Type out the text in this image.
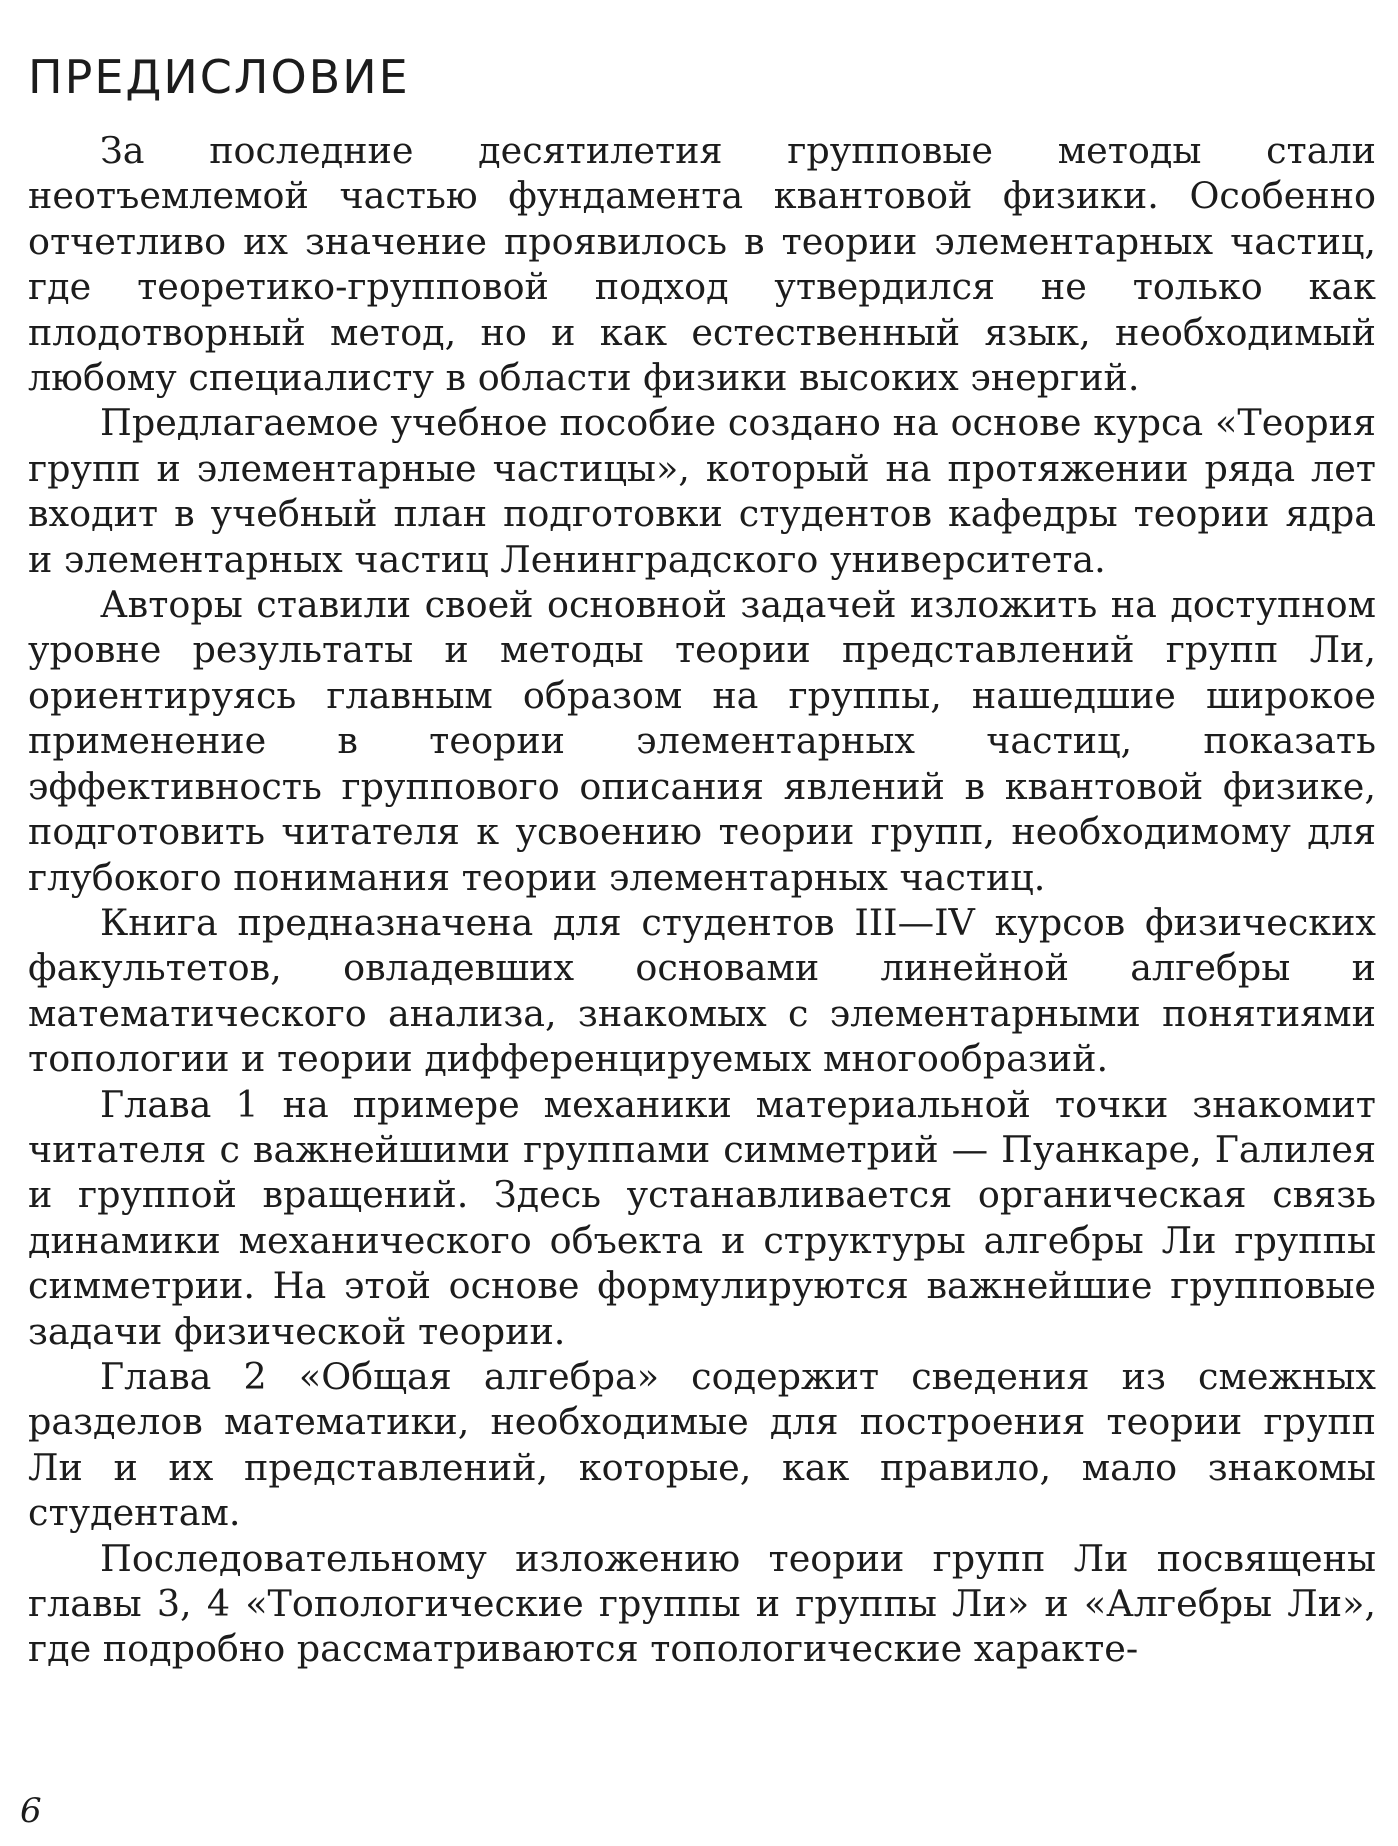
ПРЕДИСЛОВИЕ

За последние десятилетия групповые методы стали неотъемлемой частью фундамента квантовой физики. Особенно отчетливо их значение проявилось в теории элементарных частиц, где теоретико-групповой подход утвердился не только как плодотворный метод, но и как естественный язык, необходимый любому специалисту в области физики высоких энергий.

Предлагаемое учебное пособие создано на основе курса «Теория групп и элементарные частицы», который на протяжении ряда лет входит в учебный план подготовки студентов кафедры теории ядра и элементарных частиц Ленинградского университета.

Авторы ставили своей основной задачей изложить на доступном уровне результаты и методы теории представлений групп Ли, ориентируясь главным образом на группы, нашедшие широкое применение в теории элементарных частиц, показать эффективность группового описания явлений в квантовой физике, подготовить читателя к усвоению теории групп, необходимому для глубокого понимания теории элементарных частиц.

Книга предназначена для студентов III—IV курсов физических факультетов, овладевших основами линейной алгебры и математического анализа, знакомых с элементарными понятиями топологии и теории дифференцируемых многообразий.

Глава 1 на примере механики материальной точки знакомит читателя с важнейшими группами симметрий — Пуанкаре, Галилея и группой вращений. Здесь устанавливается органическая связь динамики механического объекта и структуры алгебры Ли группы симметрии. На этой основе формулируются важнейшие групповые задачи физической теории.

Глава 2 «Общая алгебра» содержит сведения из смежных разделов математики, необходимые для построения теории групп Ли и их представлений, которые, как правило, мало знакомы студентам.

Последовательному изложению теории групп Ли посвящены главы 3, 4 «Топологические группы и группы Ли» и «Алгебры Ли», где подробно рассматриваются топологические характе-

6
